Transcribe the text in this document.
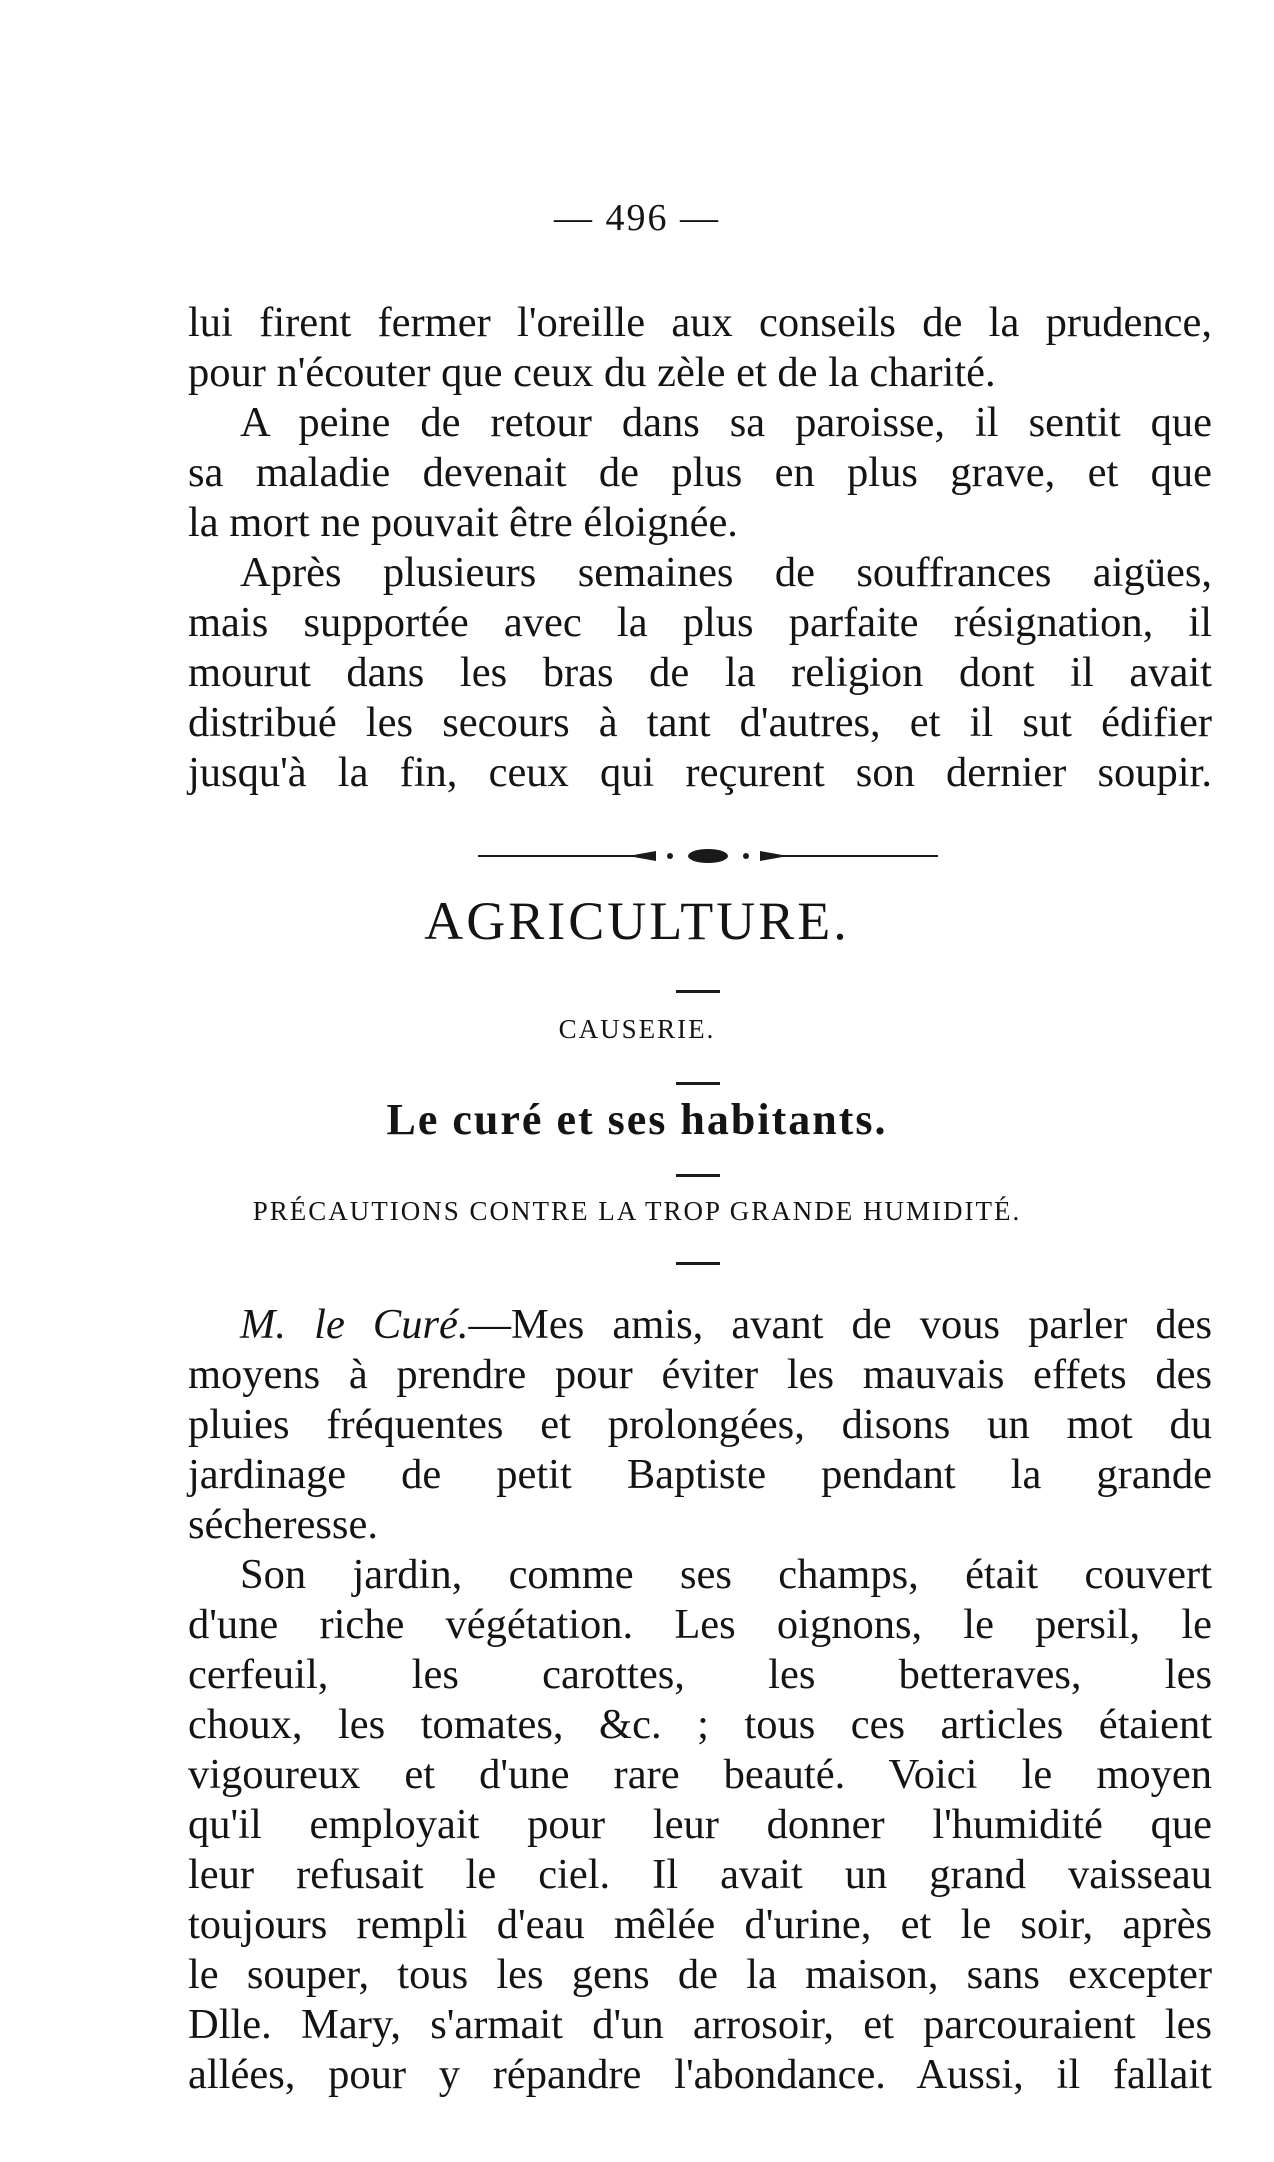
— 496 —

lui firent fermer l'oreille aux conseils de la prudence,
pour n'écouter que ceux du zèle et de la charité.

A peine de retour dans sa paroisse, il sentit que
sa maladie devenait de plus en plus grave, et que
la mort ne pouvait être éloignée.

Après plusieurs semaines de souffrances aigües,
mais supportée avec la plus parfaite résignation, il
mourut dans les bras de la religion dont il avait
distribué les secours à tant d'autres, et il sut édifier
jusqu'à la fin, ceux qui reçurent son dernier soupir.

AGRICULTURE.
CAUSERIE.
Le curé et ses habitants.
PRÉCAUTIONS CONTRE LA TROP GRANDE HUMIDITÉ.

M. le Curé.—Mes amis, avant de vous parler des
moyens à prendre pour éviter les mauvais effets des
pluies fréquentes et prolongées, disons un mot du
jardinage de petit Baptiste pendant la grande
sécheresse.

Son jardin, comme ses champs, était couvert
d'une riche végétation. Les oignons, le persil, le
cerfeuil, les carottes, les betteraves, les
choux, les tomates, &c. ; tous ces articles étaient
vigoureux et d'une rare beauté. Voici le moyen
qu'il employait pour leur donner l'humidité que
leur refusait le ciel. Il avait un grand vaisseau
toujours rempli d'eau mêlée d'urine, et le soir, après
le souper, tous les gens de la maison, sans excepter
Dlle. Mary, s'armait d'un arrosoir, et parcouraient les
allées, pour y répandre l'abondance. Aussi, il fallait
